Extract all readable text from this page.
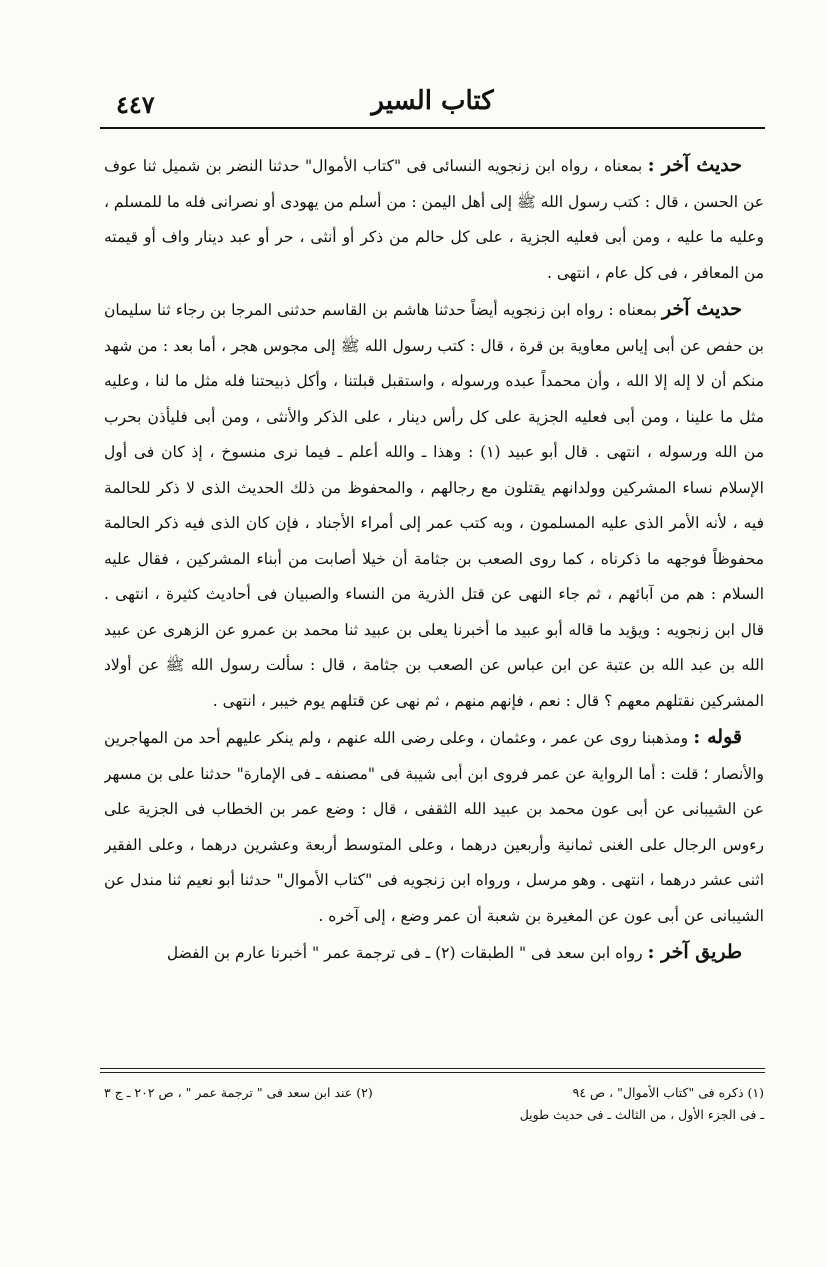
كتاب السير
٤٤٧

حديث آخر : بمعناه ، رواه ابن زنجويه النسائى فى "كتاب الأموال" حدثنا النضر بن شميل ثنا عوف عن الحسن ، قال : كتب رسول الله ﷺ إلى أهل اليمن : من أسلم من يهودى أو نصرانى فله ما للمسلم ، وعليه ما عليه ، ومن أبى فعليه الجزية ، على كل حالم من ذكر أو أنثى ، حر أو عبد دينار واف أو قيمته من المعافر ، فى كل عام ، انتهى .

حديث آخر بمعناه : رواه ابن زنجويه أيضاً حدثنا هاشم بن القاسم حدثنى المرجا بن رجاء ثنا سليمان بن حفص عن أبى إياس معاوية بن قرة ، قال : كتب رسول الله ﷺ إلى مجوس هجر ، أما بعد : من شهد منكم أن لا إله إلا الله ، وأن محمداً عبده ورسوله ، واستقبل قبلتنا ، وأكل ذبيحتنا فله مثل ما لنا ، وعليه مثل ما علينا ، ومن أبى فعليه الجزية على كل رأس دينار ، على الذكر والأنثى ، ومن أبى فليأذن بحرب من الله ورسوله ، انتهى . قال أبو عبيد (١) : وهذا ـ والله أعلم ـ فيما نرى منسوخ ، إذ كان فى أول الإسلام نساء المشركين وولدانهم يقتلون مع رجالهم ، والمحفوظ من ذلك الحديث الذى لا ذكر للحالمة فيه ، لأنه الأمر الذى عليه المسلمون ، وبه كتب عمر إلى أمراء الأجناد ، فإن كان الذى فيه ذكر الحالمة محفوظاً فوجهه ما ذكرناه ، كما روى الصعب بن جثامة أن خيلا أصابت من أبناء المشركين ، فقال عليه السلام : هم من آبائهم ، ثم جاء النهى عن قتل الذرية من النساء والصبيان فى أحاديث كثيرة ، انتهى . قال ابن زنجويه : ويؤيد ما قاله أبو عبيد ما أخبرنا يعلى بن عبيد ثنا محمد بن عمرو عن الزهرى عن عبيد الله بن عبد الله بن عتبة عن ابن عباس عن الصعب بن جثامة ، قال : سألت رسول الله ﷺ عن أولاد المشركين نقتلهم معهم ؟ قال : نعم ، فإنهم منهم ، ثم نهى عن قتلهم يوم خيبر ، انتهى .

قوله : ومذهبنا روى عن عمر ، وعثمان ، وعلى رضى الله عنهم ، ولم ينكر عليهم أحد من المهاجرين والأنصار ؛ قلت : أما الرواية عن عمر فروى ابن أبى شيبة فى "مصنفه ـ فى الإمارة" حدثنا على بن مسهر عن الشيبانى عن أبى عون محمد بن عبيد الله الثقفى ، قال : وضع عمر بن الخطاب فى الجزية على رءوس الرجال على الغنى ثمانية وأربعين درهما ، وعلى المتوسط أربعة وعشرين درهما ، وعلى الفقير اثنى عشر درهما ، انتهى . وهو مرسل ، ورواه ابن زنجويه فى "كتاب الأموال" حدثنا أبو نعيم ثنا مندل عن الشيبانى عن أبى عون عن المغيرة بن شعبة أن عمر وضع ، إلى آخره .

طريق آخر : رواه ابن سعد فى " الطبقات (٢) ـ فى ترجمة عمر " أخبرنا عارم بن الفضل

(١) ذكره فى "كتاب الأموال" ، ص ٩٤
(٢) عند ابن سعد فى " ترجمة عمر " ، ص ٢٠٢ ـ ج ٣
ـ فى الجزء الأول ، من الثالث ـ فى حديث طويل
